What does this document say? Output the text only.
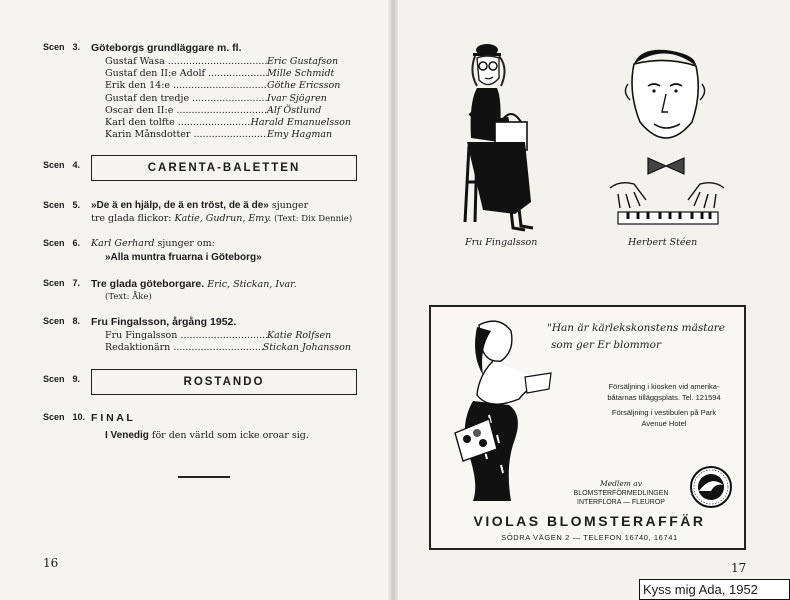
Scen 3.	Göteborgs grundläggare m. fl.
Gustaf Wasa .....	Eric Gustafson
Gustaf den II:e Adolf .....	Mille Schmidt
Erik den 14:e .....	Göthe Ericsson
Gustaf den tredje .....	Ivar Sjögren
Oscar den II:e .....	Alf Östlund
Karl den tolfte .....	Harald Emanuelsson
Karin Månsdotter .....	Emy Hagman
Scen 4.	CARENTA-BALETTEN
Scen 5.	»De ä en hjälp, de ä en tröst, de ä de» sjunger
tre glada flickor: Katie, Gudrun, Emy. (Text: Dix Dennie)
Scen 6.	Karl Gerhard sjunger om:
»Alla muntra fruarna i Göteborg»
Scen 7.	Tre glada göteborgare. Eric, Stickan, Ivar.
(Text: Åke)
Scen 8.	Fru Fingalsson, årgång 1952.
Fru Fingalsson .....	Katie Rolfsen
Redaktionärn .....	Stickan Johansson
Scen 9.	ROSTANDO
Scen 10. F I N A L
I Venedig för den värld som icke oroar sig.
16	17
Fru Fingalsson	Herbert Stéen
"Han är kärlekskonstens mästare
som ger Er blommor
Försäljning i kiosken vid amerika-
båtarnas tilläggsplats. Tel. 121594
Försäljning i vestibulen på Park
Avenue Hotel
Medlem av
BLOMSTERFÖRMEDLINGEN
INTERFLORA — FLEUROP
VIOLAS BLOMSTERAFFÄR
SÖDRA VÄGEN 2 — TELEFON 16740, 16741
Kyss mig Ada, 1952
